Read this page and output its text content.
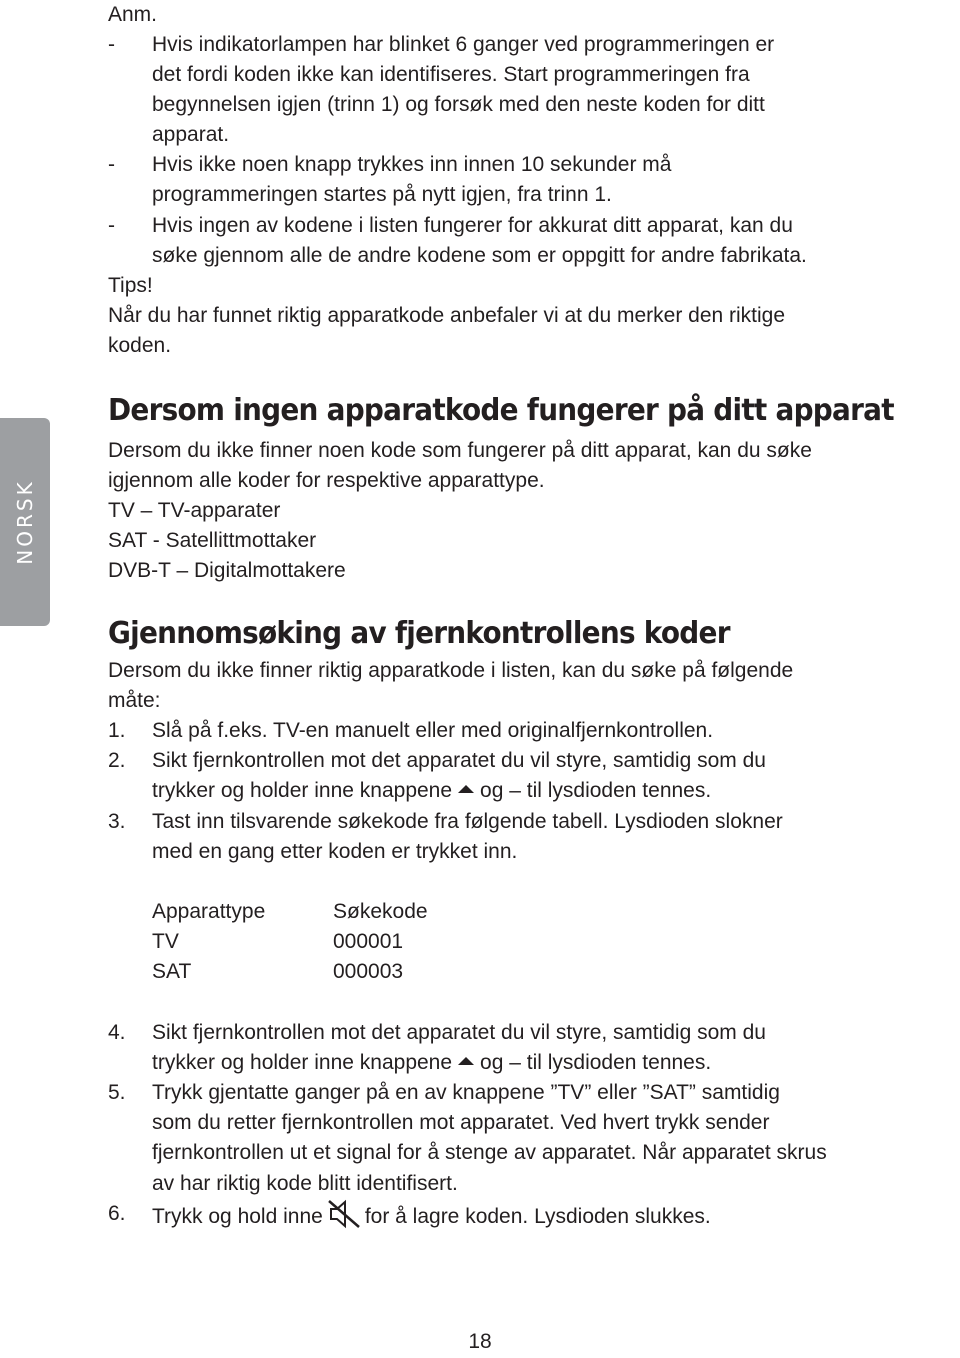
NORSK
Anm.
- Hvis indikatorlampen har blinket 6 ganger ved programmeringen er
det fordi koden ikke kan identifiseres. Start programmeringen fra
begynnelsen igjen (trinn 1) og forsøk med den neste koden for ditt
apparat.
- Hvis ikke noen knapp trykkes inn innen 10 sekunder må
programmeringen startes på nytt igjen, fra trinn 1.
- Hvis ingen av kodene i listen fungerer for akkurat ditt apparat, kan du
søke gjennom alle de andre kodene som er oppgitt for andre fabrikata.
Tips!
Når du har funnet riktig apparatkode anbefaler vi at du merker den riktige
koden.
Dersom ingen apparatkode fungerer på ditt apparat
Dersom du ikke finner noen kode som fungerer på ditt apparat, kan du søke
igjennom alle koder for respektive apparattype.
TV – TV-apparater
SAT - Satellittmottaker
DVB-T – Digitalmottakere
Gjennomsøking av fjernkontrollens koder
Dersom du ikke finner riktig apparatkode i listen, kan du søke på følgende
måte:
1. Slå på f.eks. TV-en manuelt eller med originalfjernkontrollen.
2. Sikt fjernkontrollen mot det apparatet du vil styre, samtidig som du
trykker og holder inne knappene og – til lysdioden tennes.
3. Tast inn tilsvarende søkekode fra følgende tabell. Lysdioden slokner
med en gang etter koden er trykket inn.
Apparattype	Søkekode
TV	000001
SAT	000003
4. Sikt fjernkontrollen mot det apparatet du vil styre, samtidig som du
trykker og holder inne knappene og – til lysdioden tennes.
5. Trykk gjentatte ganger på en av knappene ”TV” eller ”SAT” samtidig
som du retter fjernkontrollen mot apparatet. Ved hvert trykk sender
fjernkontrollen ut et signal for å stenge av apparatet. Når apparatet skrus
av har riktig kode blitt identifisert.
6. Trykk og hold inne for å lagre koden. Lysdioden slukkes.
18
